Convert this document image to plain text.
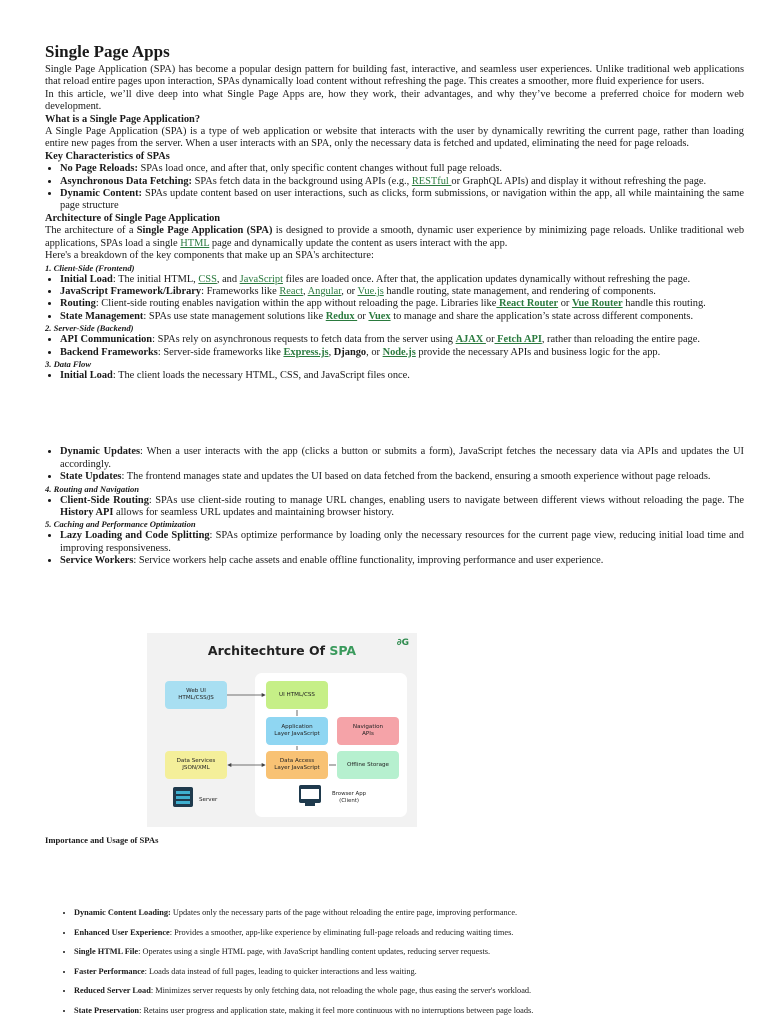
Single Page Apps

Single Page Application (SPA) has become a popular design pattern for building fast, interactive, and seamless user experiences. Unlike traditional web applications that reload entire pages upon interaction, SPAs dynamically load content without refreshing the page. This creates a smoother, more fluid experience for users.

In this article, we’ll dive deep into what Single Page Apps are, how they work, their advantages, and why they’ve become a preferred choice for modern web development.

What is a Single Page Application?

A Single Page Application (SPA) is a type of web application or website that interacts with the user by dynamically rewriting the current page, rather than loading entire new pages from the server. When a user interacts with an SPA, only the necessary data is fetched and updated, eliminating the need for page reloads.

Key Characteristics of SPAs

• No Page Reloads: SPAs load once, and after that, only specific content changes without full page reloads.
• Asynchronous Data Fetching: SPAs fetch data in the background using APIs (e.g., RESTful or GraphQL APIs) and display it without refreshing the page.
• Dynamic Content: SPAs update content based on user interactions, such as clicks, form submissions, or navigation within the app, all while maintaining the same page structure

Architecture of Single Page Application

The architecture of a Single Page Application (SPA) is designed to provide a smooth, dynamic user experience by minimizing page reloads. Unlike traditional web applications, SPAs load a single HTML page and dynamically update the content as users interact with the app.

Here's a breakdown of the key components that make up an SPA's architecture:

1. Client-Side (Frontend)

• Initial Load: The initial HTML, CSS, and JavaScript files are loaded once. After that, the application updates dynamically without refreshing the page.
• JavaScript Framework/Library: Frameworks like React, Angular, or Vue.js handle routing, state management, and rendering of components.
• Routing: Client-side routing enables navigation within the app without reloading the page. Libraries like React Router or Vue Router handle this routing.
• State Management: SPAs use state management solutions like Redux or Vuex to manage and share the application’s state across different components.

2. Server-Side (Backend)

• API Communication: SPAs rely on asynchronous requests to fetch data from the server using AJAX or Fetch API, rather than reloading the entire page.
• Backend Frameworks: Server-side frameworks like Express.js, Django, or Node.js provide the necessary APIs and business logic for the app.

3. Data Flow

• Initial Load: The client loads the necessary HTML, CSS, and JavaScript files once.
• Dynamic Updates: When a user interacts with the app (clicks a button or submits a form), JavaScript fetches the necessary data via APIs and updates the UI accordingly.
• State Updates: The frontend manages state and updates the UI based on data fetched from the backend, ensuring a smooth experience without page reloads.

4. Routing and Navigation

• Client-Side Routing: SPAs use client-side routing to manage URL changes, enabling users to navigate between different views without reloading the page. The History API allows for seamless URL updates and maintaining browser history.

5. Caching and Performance Optimization

• Lazy Loading and Code Splitting: SPAs optimize performance by loading only the necessary resources for the current page view, reducing initial load time and improving responsiveness.
• Service Workers: Service workers help cache assets and enable offline functionality, improving performance and user experience.
Architechture Of SPA	∂G
Web UI
HTML/CSS/JS
UI HTML/CSS
Application
Layer JavaScript
Navigation
APIs
Data Services
JSON/XML
Data Access
Layer JavaScript
Offline Storage
Server
Browser App
(Client)

Importance and Usage of SPAs

• Dynamic Content Loading: Updates only the necessary parts of the page without reloading the entire page, improving performance.
• Enhanced User Experience: Provides a smoother, app-like experience by eliminating full-page reloads and reducing waiting times.
• Single HTML File: Operates using a single HTML page, with JavaScript handling content updates, reducing server requests.
• Faster Performance: Loads data instead of full pages, leading to quicker interactions and less waiting.
• Reduced Server Load: Minimizes server requests by only fetching data, not reloading the whole page, thus easing the server's workload.
• State Preservation: Retains user progress and application state, making it feel more continuous with no interruptions between page loads.
